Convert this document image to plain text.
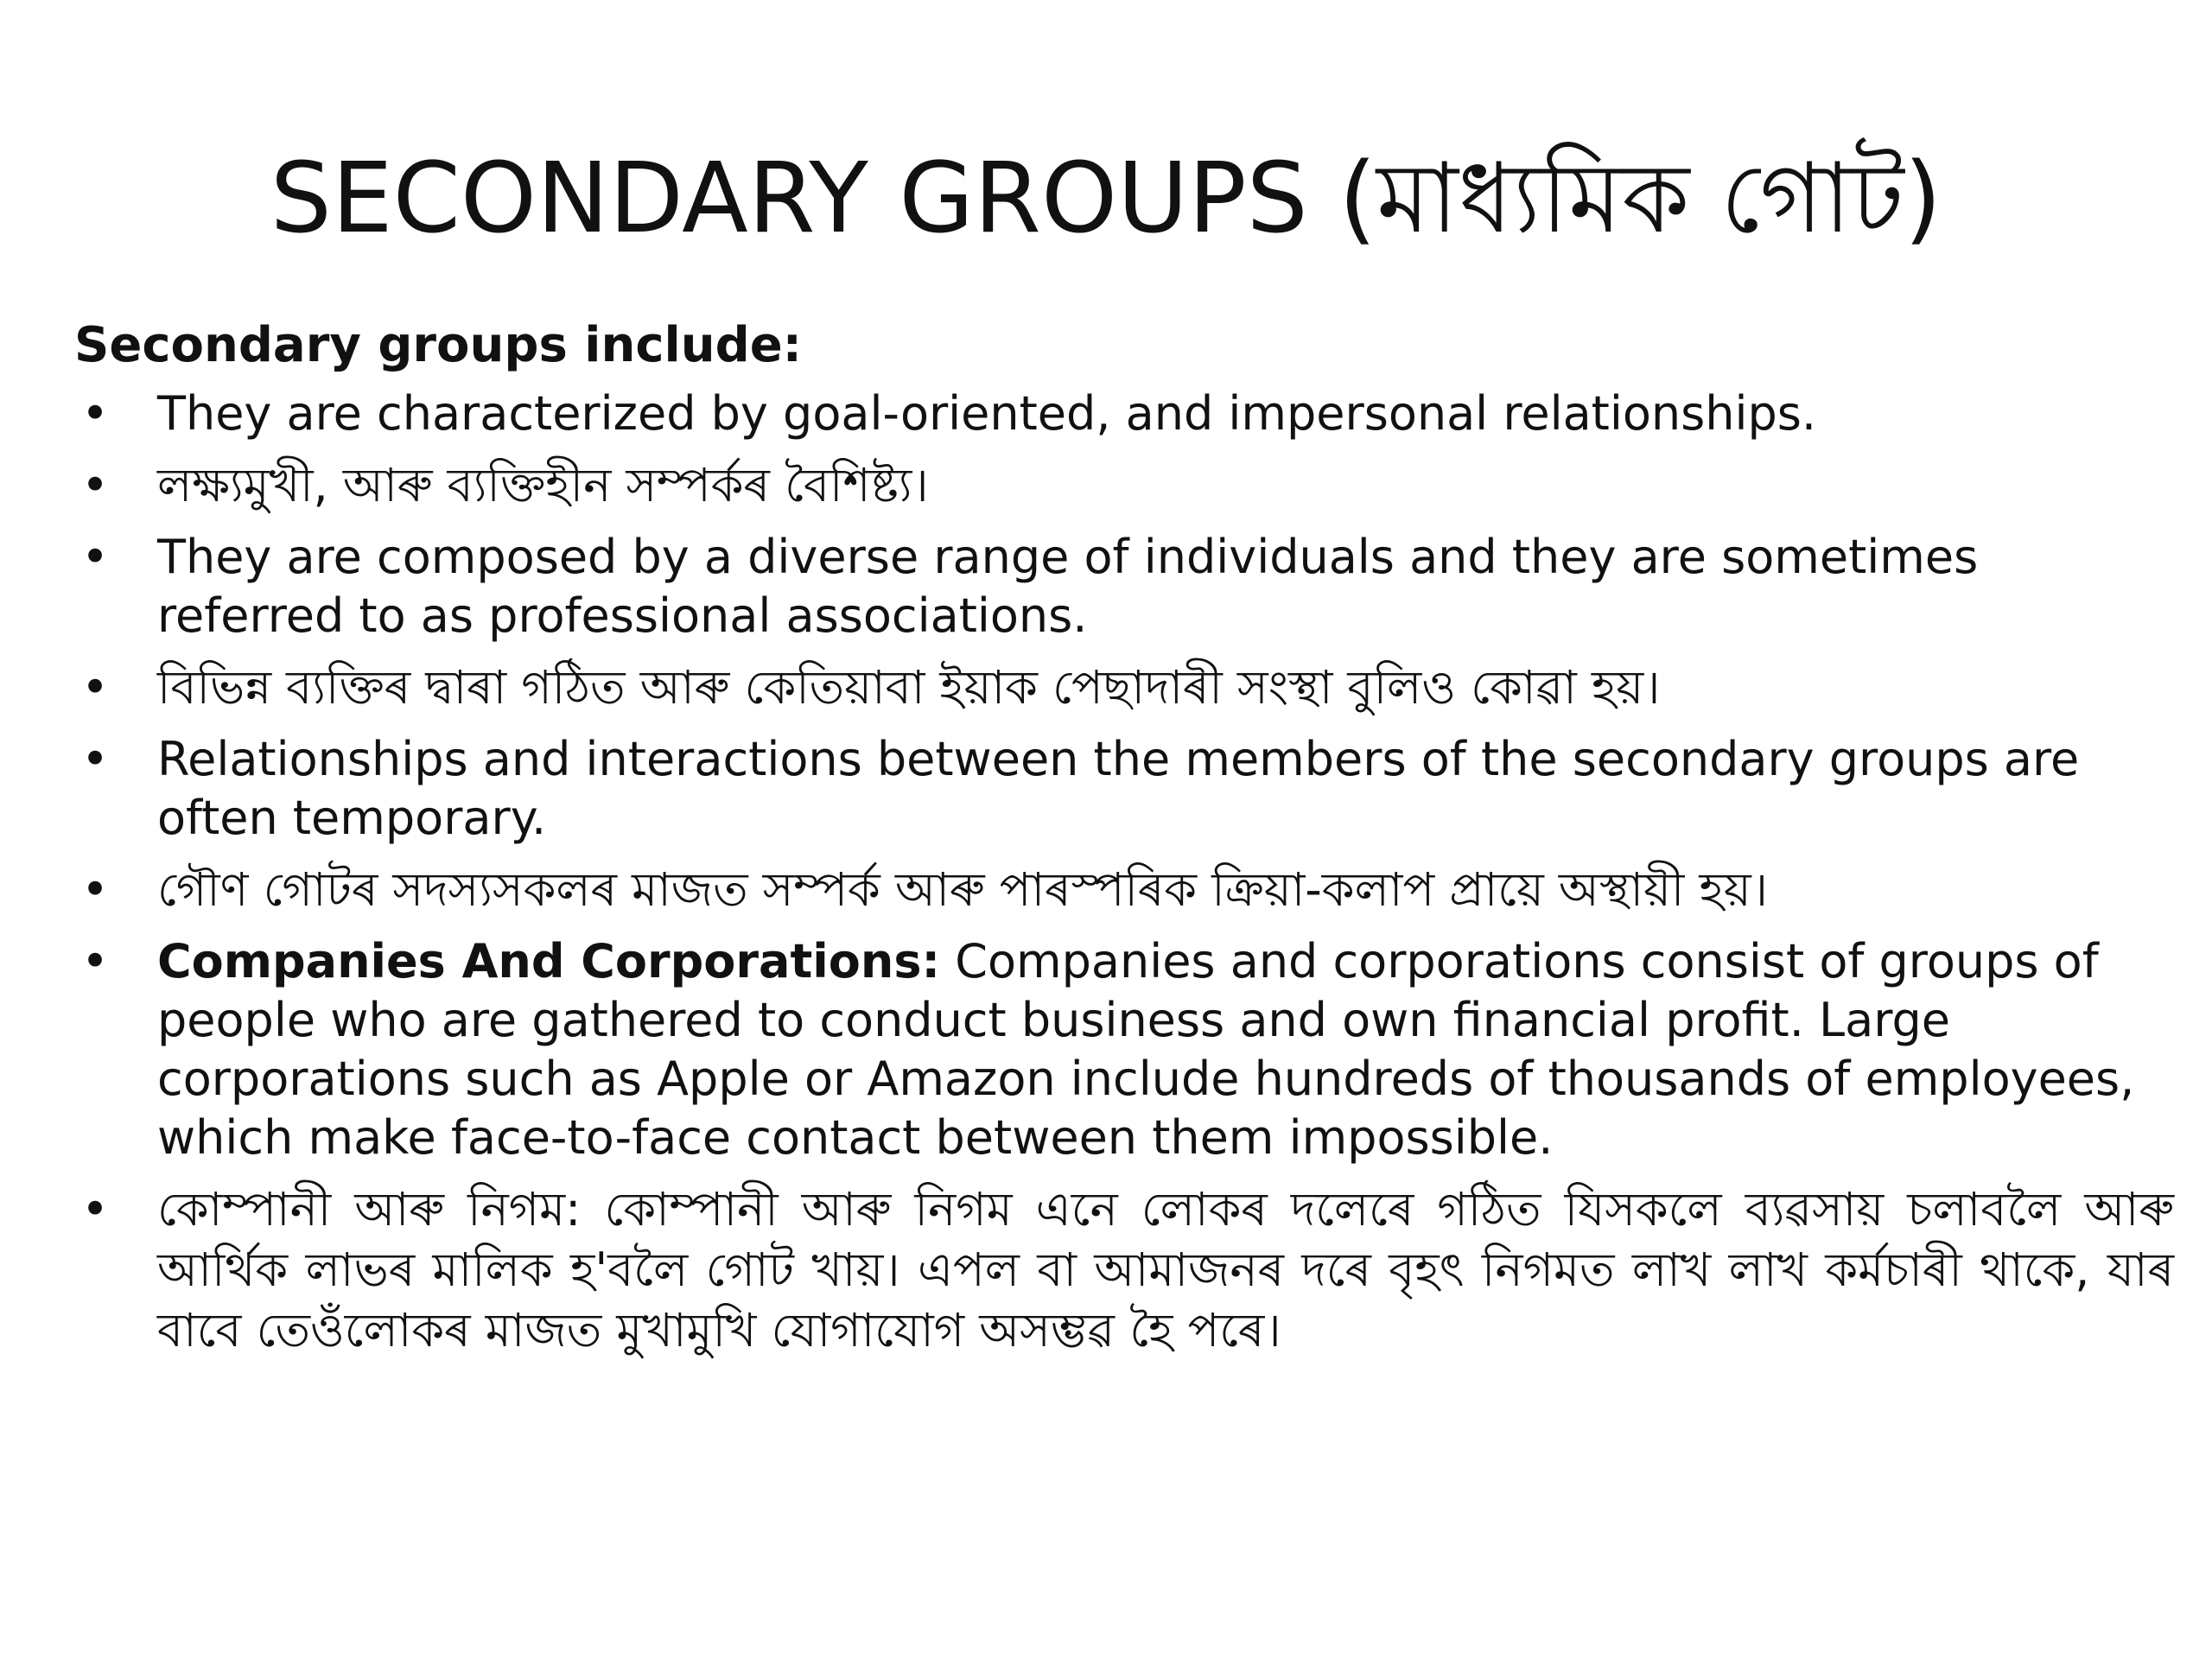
SECONDARY GROUPS (মাধ্যমিক গোট)
Secondary groups include:
• They are characterized by goal-oriented, and impersonal relationships.
• লক্ষ্যমুখী, আৰু ব্যক্তিহীন সম্পৰ্কৰ বৈশিষ্ট্য।
• They are composed by a diverse range of individuals and they are sometimes referred to as professional associations.
• বিভিন্ন ব্যক্তিৰ দ্বাৰা গঠিত আৰু কেতিয়াবা ইয়াক পেছাদাৰী সংস্থা বুলিও কোৱা হয়।
• Relationships and interactions between the members of the secondary groups are often temporary.
• গৌণ গোটৰ সদস্যসকলৰ মাজত সম্পৰ্ক আৰু পাৰস্পৰিক ক্ৰিয়া-কলাপ প্ৰায়ে অস্থায়ী হয়।
• Companies And Corporations: Companies and corporations consist of groups of people who are gathered to conduct business and own financial profit. Large corporations such as Apple or Amazon include hundreds of thousands of employees, which make face-to-face contact between them impossible.
• কোম্পানী আৰু নিগম: কোম্পানী আৰু নিগম এনে লোকৰ দলেৰে গঠিত যিসকলে ব্যৱসায় চলাবলৈ আৰু আৰ্থিক লাভৰ মালিক হ'বলৈ গোট খায়। এপল বা আমাজনৰ দৰে বৃহৎ নিগমত লাখ লাখ কৰ্মচাৰী থাকে, যাৰ বাবে তেওঁলোকৰ মাজত মুখামুখি যোগাযোগ অসম্ভৱ হৈ পৰে।
